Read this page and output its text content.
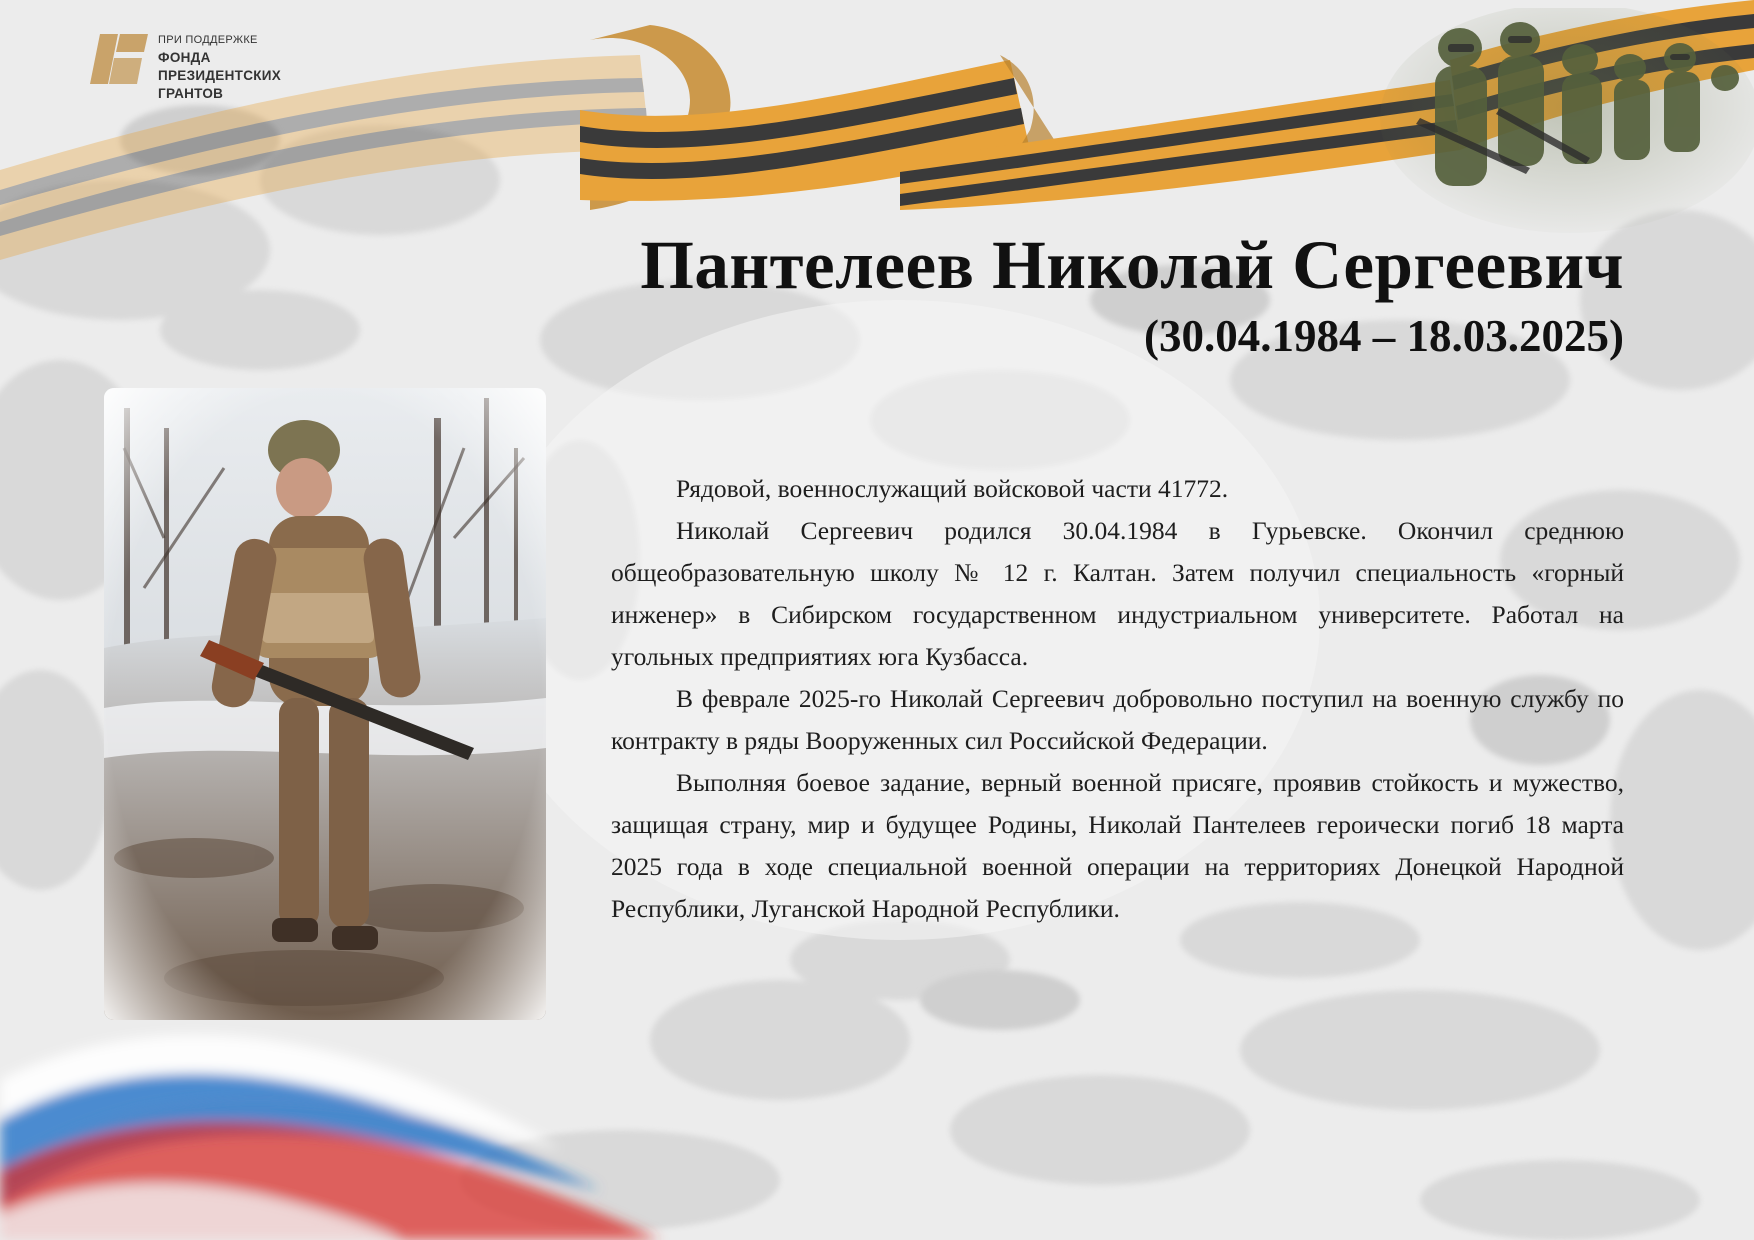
ПРИ ПОДДЕРЖКЕ
ФОНДА
ПРЕЗИДЕНТСКИХ
ГРАНТОВ
Пантелеев Николай Сергеевич
(30.04.1984 – 18.03.2025)

Рядовой, военнослужащий войсковой части 41772.

Николай Сергеевич родился 30.04.1984 в Гурьевске. Окончил среднюю общеобразовательную школу № 12 г. Калтан. Затем получил специальность «горный инженер» в Сибирском государственном индустриальном университете. Работал на угольных предприятиях юга Кузбасса.

В феврале 2025-го Николай Сергеевич добровольно поступил на военную службу по контракту в ряды Вооруженных сил Российской Федерации.

Выполняя боевое задание, верный военной присяге, проявив стойкость и мужество, защищая страну, мир и будущее Родины, Николай Пантелеев героически погиб 18 марта 2025 года в ходе специальной военной операции на территориях Донецкой Народной Республики, Луганской Народной Республики.
